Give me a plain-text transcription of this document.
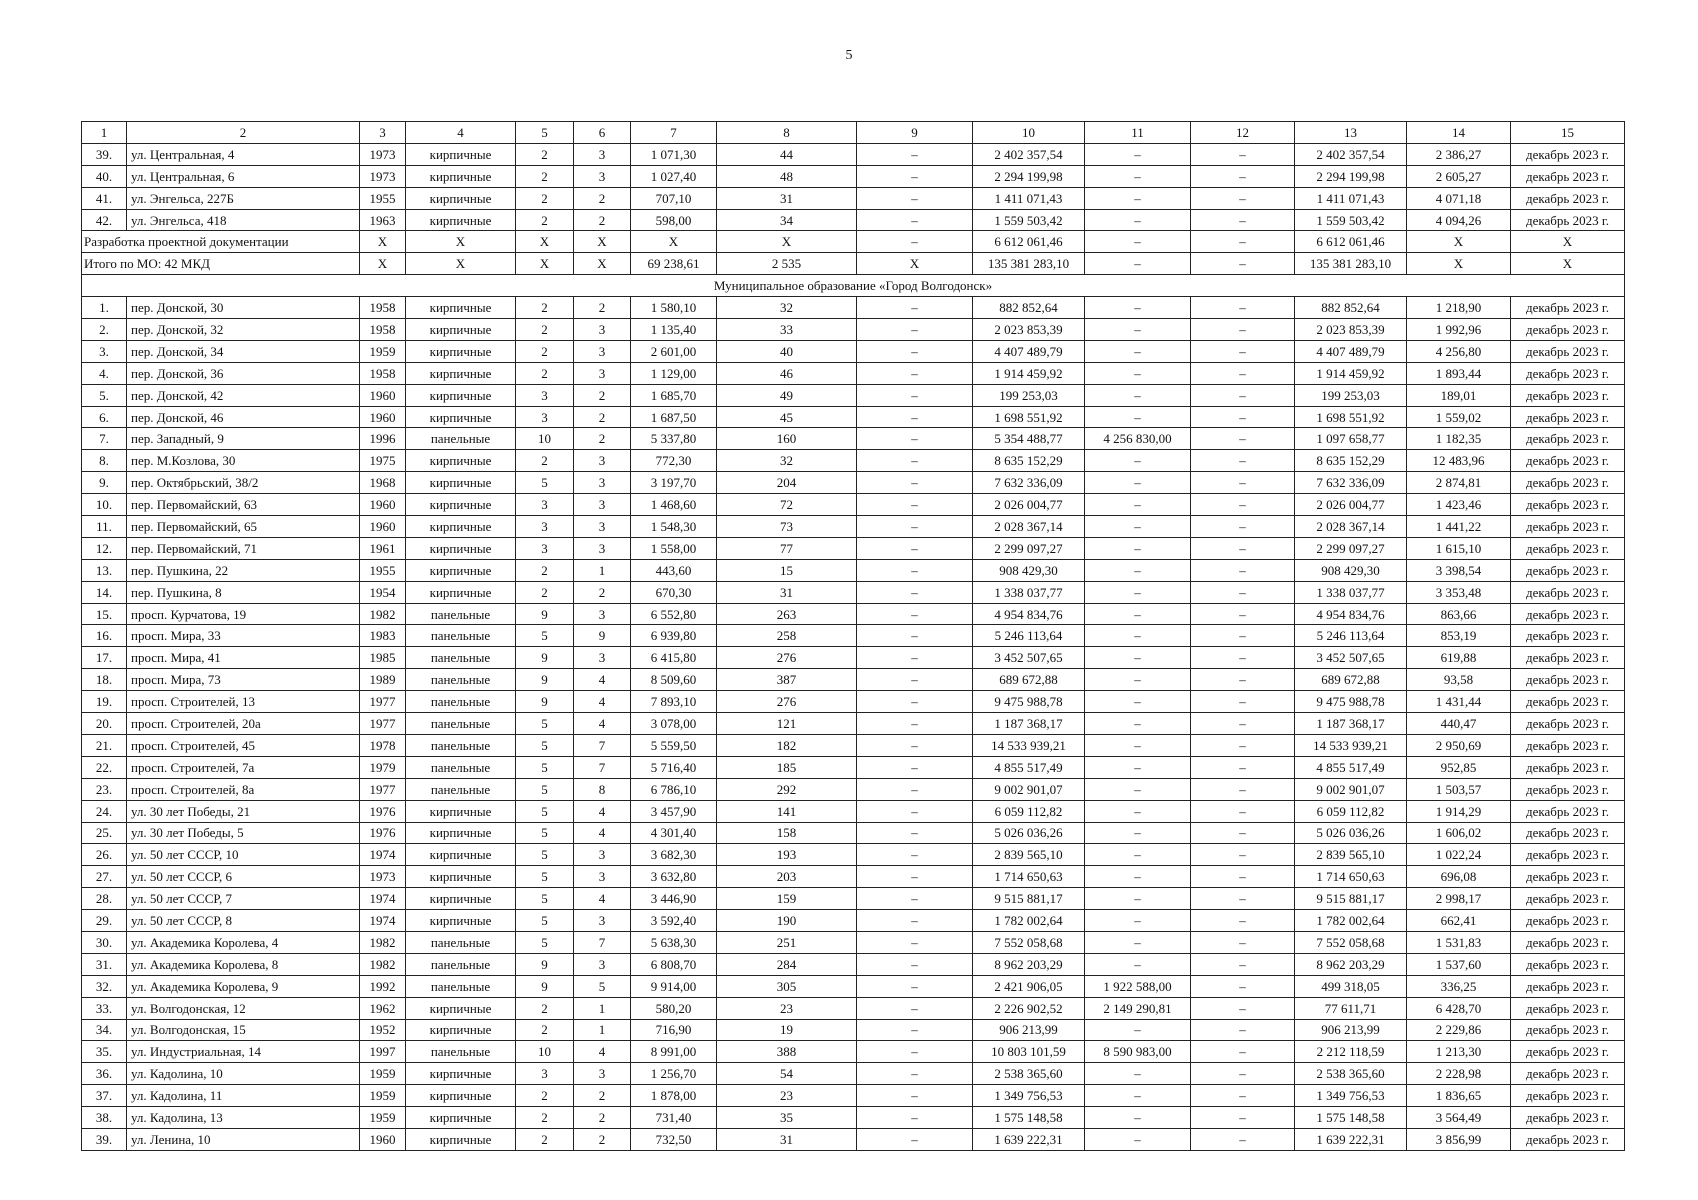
5
1	2	3	4	5	6	7	8	9	10	11	12	13	14	15
39.	ул. Центральная, 4	1973	кирпичные	2	3	1 071,30	44	–	2 402 357,54	–	–	2 402 357,54	2 386,27	декабрь 2023 г.
40.	ул. Центральная, 6	1973	кирпичные	2	3	1 027,40	48	–	2 294 199,98	–	–	2 294 199,98	2 605,27	декабрь 2023 г.
41.	ул. Энгельса, 227Б	1955	кирпичные	2	2	707,10	31	–	1 411 071,43	–	–	1 411 071,43	4 071,18	декабрь 2023 г.
42.	ул. Энгельса, 418	1963	кирпичные	2	2	598,00	34	–	1 559 503,42	–	–	1 559 503,42	4 094,26	декабрь 2023 г.
Разработка проектной документации		X	X	X	X	X	X	–	6 612 061,46	–	–	6 612 061,46	X	X
Итого по МО: 42 МКД		X	X	X	X	69 238,61	2 535	X	135 381 283,10	–	–	135 381 283,10	X	X
Муниципальное образование «Город Волгодонск»														
1.	пер. Донской, 30	1958	кирпичные	2	2	1 580,10	32	–	882 852,64	–	–	882 852,64	1 218,90	декабрь 2023 г.
2.	пер. Донской, 32	1958	кирпичные	2	3	1 135,40	33	–	2 023 853,39	–	–	2 023 853,39	1 992,96	декабрь 2023 г.
3.	пер. Донской, 34	1959	кирпичные	2	3	2 601,00	40	–	4 407 489,79	–	–	4 407 489,79	4 256,80	декабрь 2023 г.
4.	пер. Донской, 36	1958	кирпичные	2	3	1 129,00	46	–	1 914 459,92	–	–	1 914 459,92	1 893,44	декабрь 2023 г.
5.	пер. Донской, 42	1960	кирпичные	3	2	1 685,70	49	–	199 253,03	–	–	199 253,03	189,01	декабрь 2023 г.
6.	пер. Донской, 46	1960	кирпичные	3	2	1 687,50	45	–	1 698 551,92	–	–	1 698 551,92	1 559,02	декабрь 2023 г.
7.	пер. Западный, 9	1996	панельные	10	2	5 337,80	160	–	5 354 488,77	4 256 830,00	–	1 097 658,77	1 182,35	декабрь 2023 г.
8.	пер. М.Козлова, 30	1975	кирпичные	2	3	772,30	32	–	8 635 152,29	–	–	8 635 152,29	12 483,96	декабрь 2023 г.
9.	пер. Октябрьский, 38/2	1968	кирпичные	5	3	3 197,70	204	–	7 632 336,09	–	–	7 632 336,09	2 874,81	декабрь 2023 г.
10.	пер. Первомайский, 63	1960	кирпичные	3	3	1 468,60	72	–	2 026 004,77	–	–	2 026 004,77	1 423,46	декабрь 2023 г.
11.	пер. Первомайский, 65	1960	кирпичные	3	3	1 548,30	73	–	2 028 367,14	–	–	2 028 367,14	1 441,22	декабрь 2023 г.
12.	пер. Первомайский, 71	1961	кирпичные	3	3	1 558,00	77	–	2 299 097,27	–	–	2 299 097,27	1 615,10	декабрь 2023 г.
13.	пер. Пушкина, 22	1955	кирпичные	2	1	443,60	15	–	908 429,30	–	–	908 429,30	3 398,54	декабрь 2023 г.
14.	пер. Пушкина, 8	1954	кирпичные	2	2	670,30	31	–	1 338 037,77	–	–	1 338 037,77	3 353,48	декабрь 2023 г.
15.	просп. Курчатова, 19	1982	панельные	9	3	6 552,80	263	–	4 954 834,76	–	–	4 954 834,76	863,66	декабрь 2023 г.
16.	просп. Мира, 33	1983	панельные	5	9	6 939,80	258	–	5 246 113,64	–	–	5 246 113,64	853,19	декабрь 2023 г.
17.	просп. Мира, 41	1985	панельные	9	3	6 415,80	276	–	3 452 507,65	–	–	3 452 507,65	619,88	декабрь 2023 г.
18.	просп. Мира, 73	1989	панельные	9	4	8 509,60	387	–	689 672,88	–	–	689 672,88	93,58	декабрь 2023 г.
19.	просп. Строителей, 13	1977	панельные	9	4	7 893,10	276	–	9 475 988,78	–	–	9 475 988,78	1 431,44	декабрь 2023 г.
20.	просп. Строителей, 20а	1977	панельные	5	4	3 078,00	121	–	1 187 368,17	–	–	1 187 368,17	440,47	декабрь 2023 г.
21.	просп. Строителей, 45	1978	панельные	5	7	5 559,50	182	–	14 533 939,21	–	–	14 533 939,21	2 950,69	декабрь 2023 г.
22.	просп. Строителей, 7а	1979	панельные	5	7	5 716,40	185	–	4 855 517,49	–	–	4 855 517,49	952,85	декабрь 2023 г.
23.	просп. Строителей, 8а	1977	панельные	5	8	6 786,10	292	–	9 002 901,07	–	–	9 002 901,07	1 503,57	декабрь 2023 г.
24.	ул. 30 лет Победы, 21	1976	кирпичные	5	4	3 457,90	141	–	6 059 112,82	–	–	6 059 112,82	1 914,29	декабрь 2023 г.
25.	ул. 30 лет Победы, 5	1976	кирпичные	5	4	4 301,40	158	–	5 026 036,26	–	–	5 026 036,26	1 606,02	декабрь 2023 г.
26.	ул. 50 лет СССР, 10	1974	кирпичные	5	3	3 682,30	193	–	2 839 565,10	–	–	2 839 565,10	1 022,24	декабрь 2023 г.
27.	ул. 50 лет СССР, 6	1973	кирпичные	5	3	3 632,80	203	–	1 714 650,63	–	–	1 714 650,63	696,08	декабрь 2023 г.
28.	ул. 50 лет СССР, 7	1974	кирпичные	5	4	3 446,90	159	–	9 515 881,17	–	–	9 515 881,17	2 998,17	декабрь 2023 г.
29.	ул. 50 лет СССР, 8	1974	кирпичные	5	3	3 592,40	190	–	1 782 002,64	–	–	1 782 002,64	662,41	декабрь 2023 г.
30.	ул. Академика Королева, 4	1982	панельные	5	7	5 638,30	251	–	7 552 058,68	–	–	7 552 058,68	1 531,83	декабрь 2023 г.
31.	ул. Академика Королева, 8	1982	панельные	9	3	6 808,70	284	–	8 962 203,29	–	–	8 962 203,29	1 537,60	декабрь 2023 г.
32.	ул. Академика Королева, 9	1992	панельные	9	5	9 914,00	305	–	2 421 906,05	1 922 588,00	–	499 318,05	336,25	декабрь 2023 г.
33.	ул. Волгодонская, 12	1962	кирпичные	2	1	580,20	23	–	2 226 902,52	2 149 290,81	–	77 611,71	6 428,70	декабрь 2023 г.
34.	ул. Волгодонская, 15	1952	кирпичные	2	1	716,90	19	–	906 213,99	–	–	906 213,99	2 229,86	декабрь 2023 г.
35.	ул. Индустриальная, 14	1997	панельные	10	4	8 991,00	388	–	10 803 101,59	8 590 983,00	–	2 212 118,59	1 213,30	декабрь 2023 г.
36.	ул. Кадолина, 10	1959	кирпичные	3	3	1 256,70	54	–	2 538 365,60	–	–	2 538 365,60	2 228,98	декабрь 2023 г.
37.	ул. Кадолина, 11	1959	кирпичные	2	2	1 878,00	23	–	1 349 756,53	–	–	1 349 756,53	1 836,65	декабрь 2023 г.
38.	ул. Кадолина, 13	1959	кирпичные	2	2	731,40	35	–	1 575 148,58	–	–	1 575 148,58	3 564,49	декабрь 2023 г.
39.	ул. Ленина, 10	1960	кирпичные	2	2	732,50	31	–	1 639 222,31	–	–	1 639 222,31	3 856,99	декабрь 2023 г.
